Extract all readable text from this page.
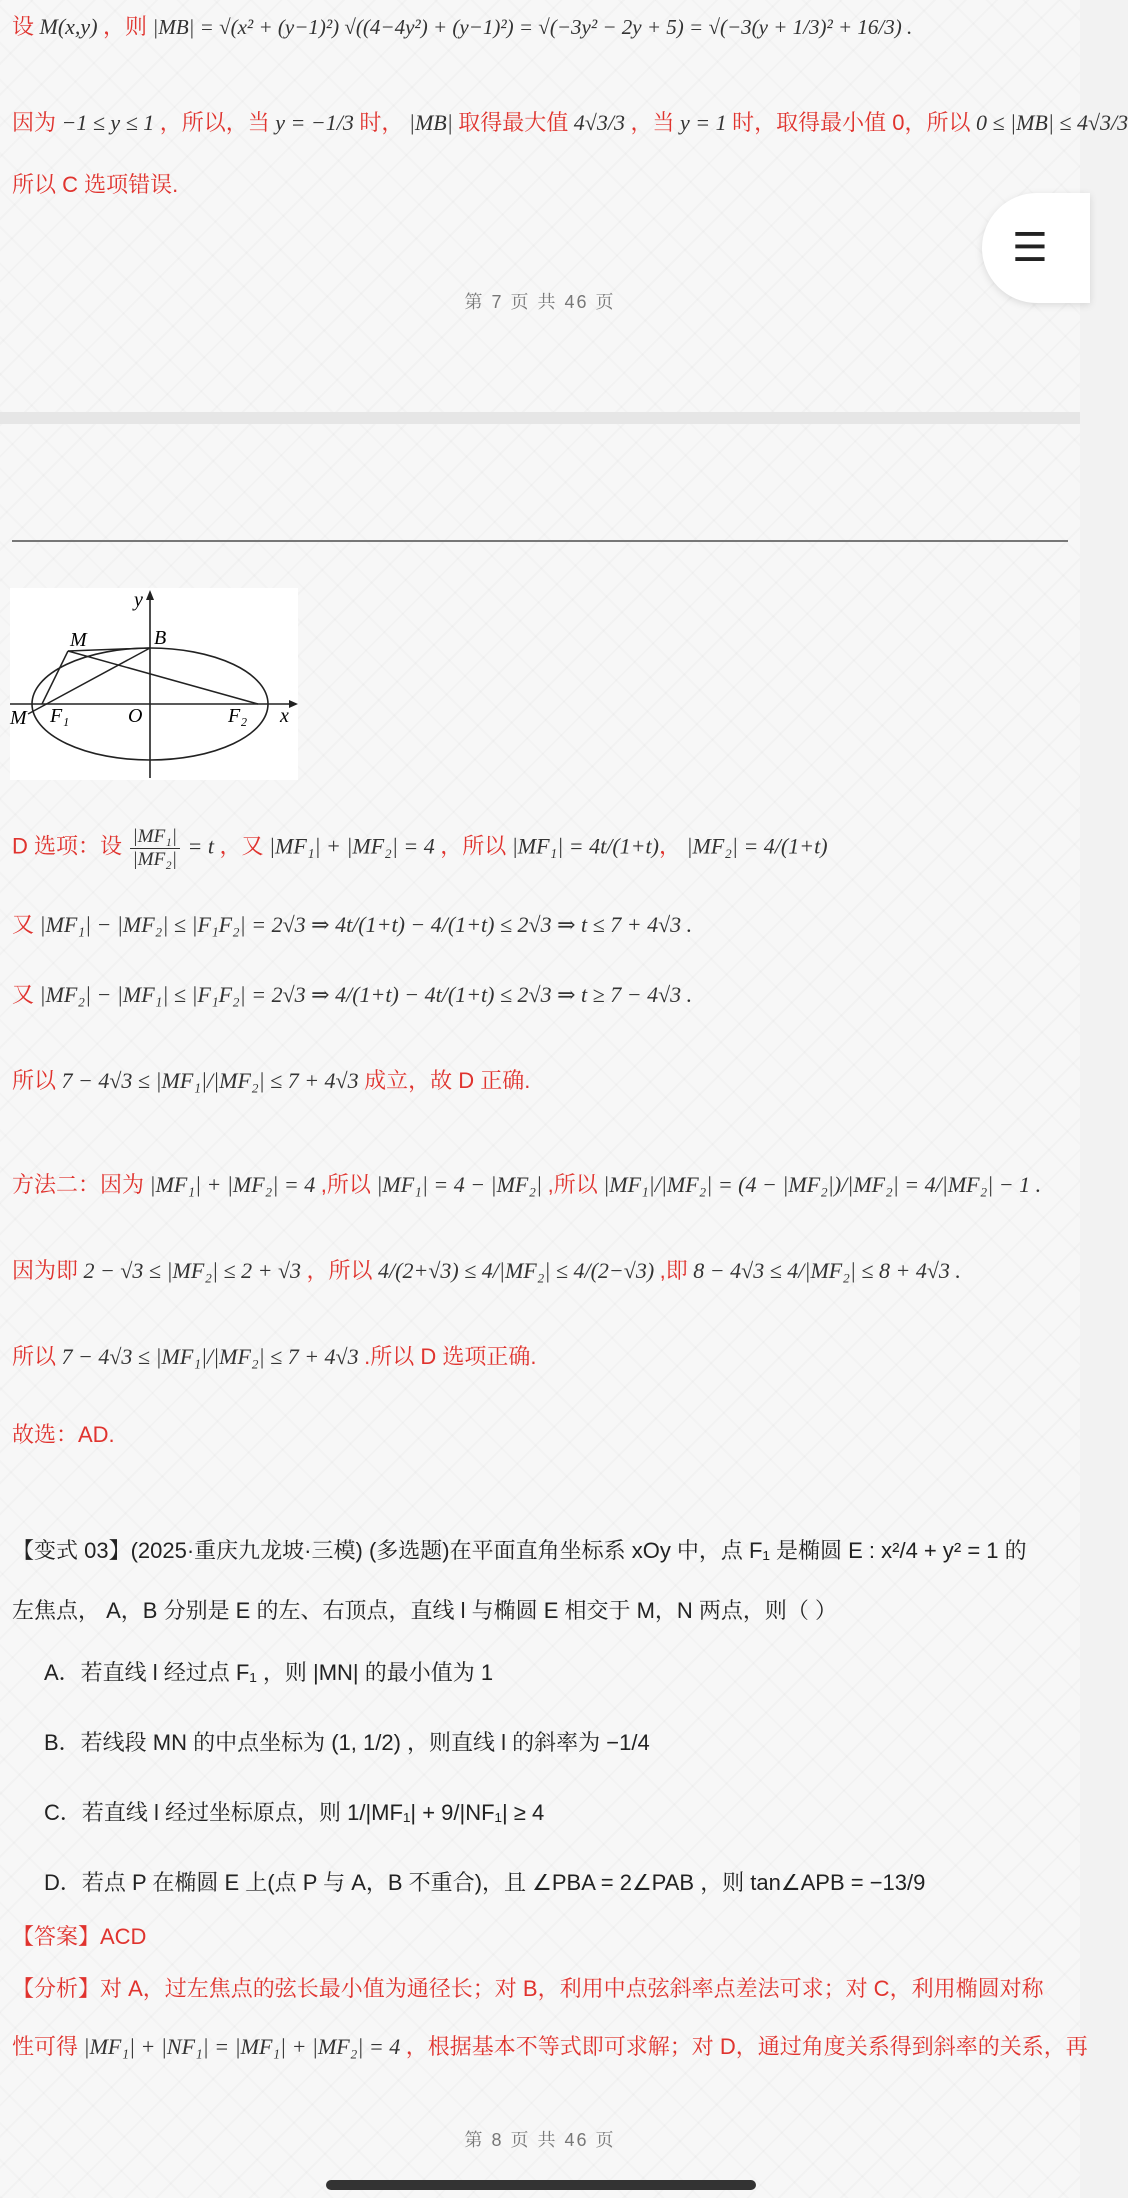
设 M(x,y) ，则 |MB| = √(x² + (y−1)²) √((4−4y²) + (y−1)²) = √(−3y² − 2y + 5) = √(−3(y + 1/3)² + 16/3) .
因为 −1 ≤ y ≤ 1 ，所以，当 y = −1/3 时， |MB| 取得最大值 4√3/3 ，当 y = 1 时，取得最小值 0，所以 0 ≤ |MB| ≤ 4√3/3
所以 C 选项错误.
第 7 页 共 46 页
☰
y
B
M
M F₁	O	F₂ x
D 选项：设 $\frac{\text{|MF₁|}}{\text{|MF₂|}} = t$ ，又 |MF₁| + |MF₂| = 4 ，所以 |MF₁| = 4t/(1+t)， |MF₂| = 4/(1+t)
又 |MF₁| − |MF₂| ≤ |F₁F₂| = 2√3 ⇒ 4t/(1+t) − 4/(1+t) ≤ 2√3 ⇒ t ≤ 7 + 4√3 .
又 |MF₂| − |MF₁| ≤ |F₁F₂| = 2√3 ⇒ 4/(1+t) − 4t/(1+t) ≤ 2√3 ⇒ t ≥ 7 − 4√3 .
所以 7 − 4√3 ≤ |MF₁|/|MF₂| ≤ 7 + 4√3 成立，故 D 正确.
方法二：因为 |MF₁| + |MF₂| = 4 ,所以 |MF₁| = 4 − |MF₂| ,所以 |MF₁|/|MF₂| = (4 − |MF₂|)/|MF₂| = 4/|MF₂| − 1 .
因为即 2 − √3 ≤ |MF₂| ≤ 2 + √3 ，所以 4/(2+√3) ≤ 4/|MF₂| ≤ 4/(2−√3) ,即 8 − 4√3 ≤ 4/|MF₂| ≤ 8 + 4√3 .
所以 7 − 4√3 ≤ |MF₁|/|MF₂| ≤ 7 + 4√3 .所以 D 选项正确.
故选：AD.
【变式 03】(2025·重庆九龙坡·三模) (多选题)在平面直角坐标系 xOy 中，点 F₁ 是椭圆 E : x²/4 + y² = 1 的
左焦点， A，B 分别是 E 的左、右顶点，直线 l 与椭圆 E 相交于 M，N 两点，则（ ）
A．若直线 l 经过点 F₁ ，则 |MN| 的最小值为 1
B．若线段 MN 的中点坐标为 (1, 1/2) ，则直线 l 的斜率为 −1/4
C．若直线 l 经过坐标原点，则 1/|MF₁| + 9/|NF₁| ≥ 4
D．若点 P 在椭圆 E 上(点 P 与 A，B 不重合)，且 ∠PBA = 2∠PAB ，则 tan∠APB = −13/9
【答案】ACD
【分析】对 A，过左焦点的弦长最小值为通径长；对 B，利用中点弦斜率点差法可求；对 C，利用椭圆对称
性可得 |MF₁| + |NF₁| = |MF₁| + |MF₂| = 4 ，根据基本不等式即可求解；对 D，通过角度关系得到斜率的关系，再
第 8 页 共 46 页
